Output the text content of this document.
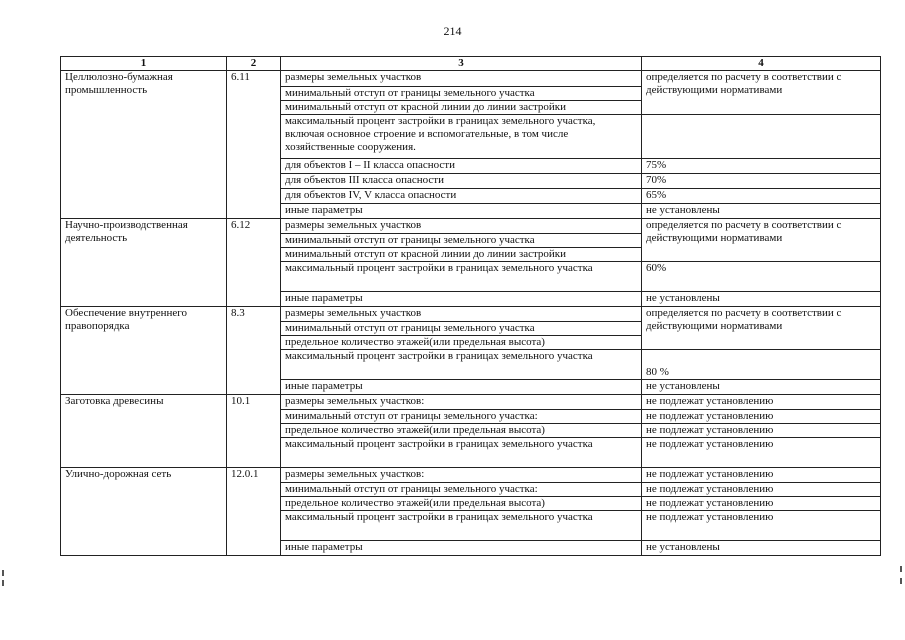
214
1	2	3	4
Целлюлозно-бумажная промышленность	6.11	размеры земельных участков	определяется по расчету в соответствии с действующими нормативами
		минимальный отступ от границы земельного участка	
		минимальный отступ от красной линии до линии застройки	
		максимальный процент застройки в границах земельного участка, включая основное строение и вспомогательные, в том числе хозяйственные сооружения.	
		для объектов I – II класса опасности	75%
		для объектов III класса опасности	70%
		для объектов IV, V класса опасности	65%
		иные параметры	не установлены
Научно-производственная деятельность	6.12	размеры земельных участков	определяется по расчету в соответствии с действующими нормативами
		минимальный отступ от границы земельного участка	
		минимальный отступ от красной линии до линии застройки	
		максимальный процент застройки в границах земельного участка	60%
		иные параметры	не установлены
Обеспечение внутреннего правопорядка	8.3	размеры земельных участков	определяется по расчету в соответствии с действующими нормативами
		минимальный отступ от границы земельного участка	
		предельное количество этажей(или предельная высота)	
		максимальный процент застройки в границах земельного участка	80 %
		иные параметры	не установлены
Заготовка древесины	10.1	размеры земельных участков:	не подлежат установлению
		минимальный отступ от границы земельного участка:	не подлежат установлению
		предельное количество этажей(или предельная высота)	не подлежат установлению
		максимальный процент застройки в границах земельного участка	не подлежат установлению
Улично-дорожная сеть	12.0.1	размеры земельных участков:	не подлежат установлению
		минимальный отступ от границы земельного участка:	не подлежат установлению
		предельное количество этажей(или предельная высота)	не подлежат установлению
		максимальный процент застройки в границах земельного участка	не подлежат установлению
		иные параметры	не установлены
